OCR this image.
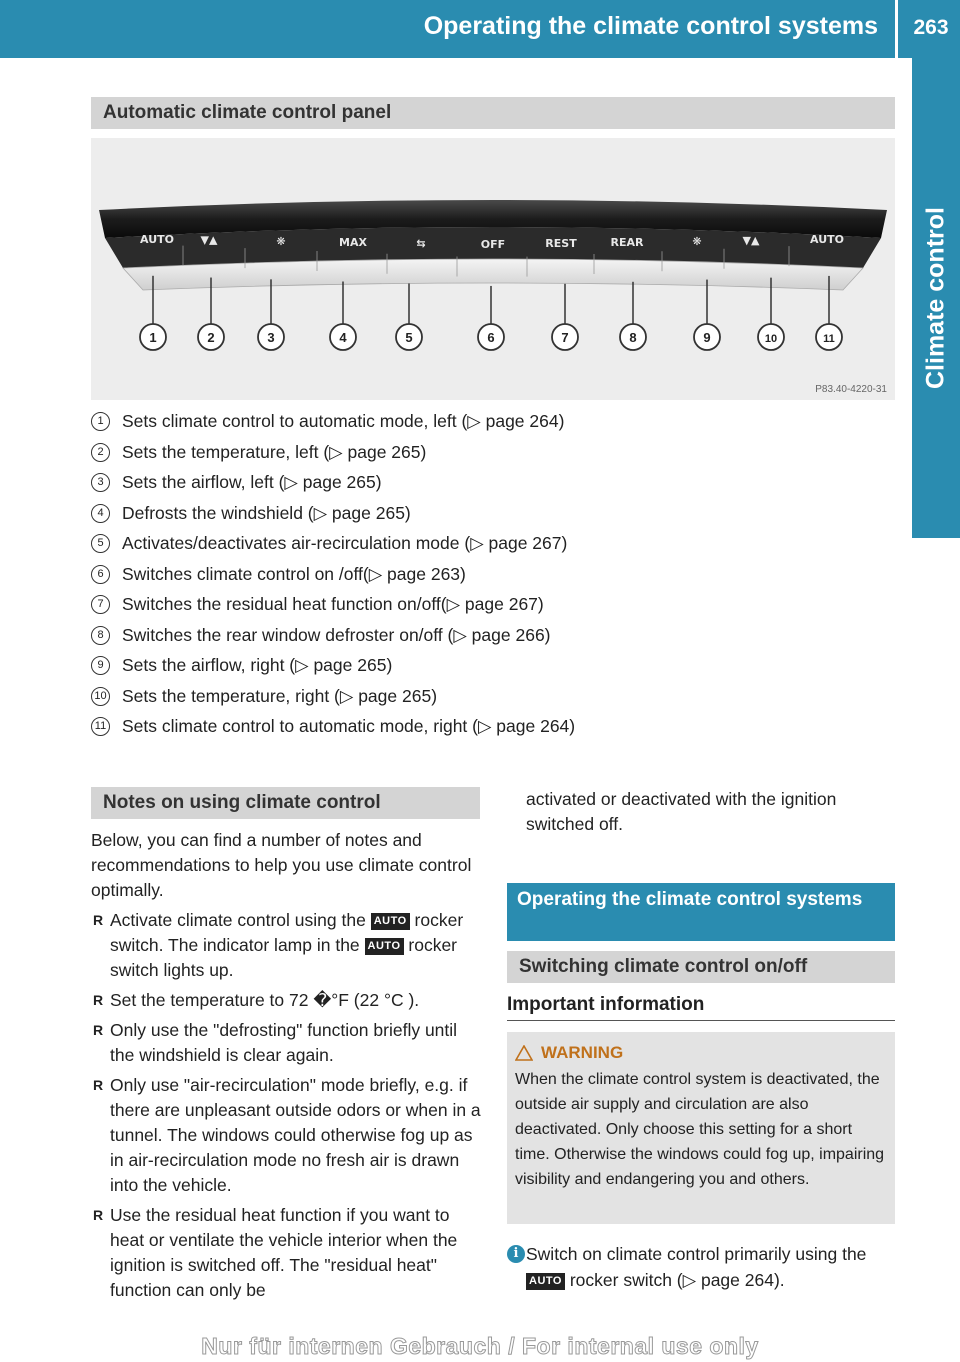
Operating the climate control systems	263
Climate control
Automatic climate control panel
AUTO ▼▲	❋	MAX	⇆	OFF	REST	REAR	❋	▼▲	AUTO
1	2	3	4	5	6	7	8	9	10	11
P83.40-4220-31
1	Sets climate control to automatic mode, left (▷ page 264)
2	Sets the temperature, left (▷ page 265)
3	Sets the airflow, left (▷ page 265)
4	Defrosts the windshield (▷ page 265)
5	Activates/deactivates air-recirculation mode (▷ page 267)
6	Switches climate control on /off(▷ page 263)
7	Switches the residual heat function on/off(▷ page 267)
8	Switches the rear window defroster on/off (▷ page 266)
9	Sets the airflow, right (▷ page 265)
10 Sets the temperature, right (▷ page 265)
11 Sets climate control to automatic mode, right (▷ page 264)
Notes on using climate control

Below, you can find a number of notes and recommendations to help you use climate control optimally.

R Activate climate control using the AUTO rocker switch. The indicator lamp in the AUTO rocker switch lights up.
R Set the temperature to 72 �°F (22 ‌°C ).
R Only use the "defrosting" function briefly until the windshield is clear again.
R Only use "air-recirculation" mode briefly, e.g. if there are unpleasant outside odors or when in a tunnel. The windows could otherwise fog up as in air-recirculation mode no fresh air is drawn into the vehicle.
R Use the residual heat function if you want to heat or ventilate the vehicle interior when the ignition is switched off. The "residual heat" function can only be
activated or deactivated with the ignition switched off.
Operating the climate control systems
Switching climate control on/off
Important information
WARNING
When the climate control system is deactivated, the outside air supply and circulation are also deactivated. Only choose this setting for a short time. Otherwise the windows could fog up, impairing visibility and endangering you and others.
i Switch on climate control primarily using the AUTO rocker switch (▷ page 264).
Nur für internen Gebrauch / For internal use only
